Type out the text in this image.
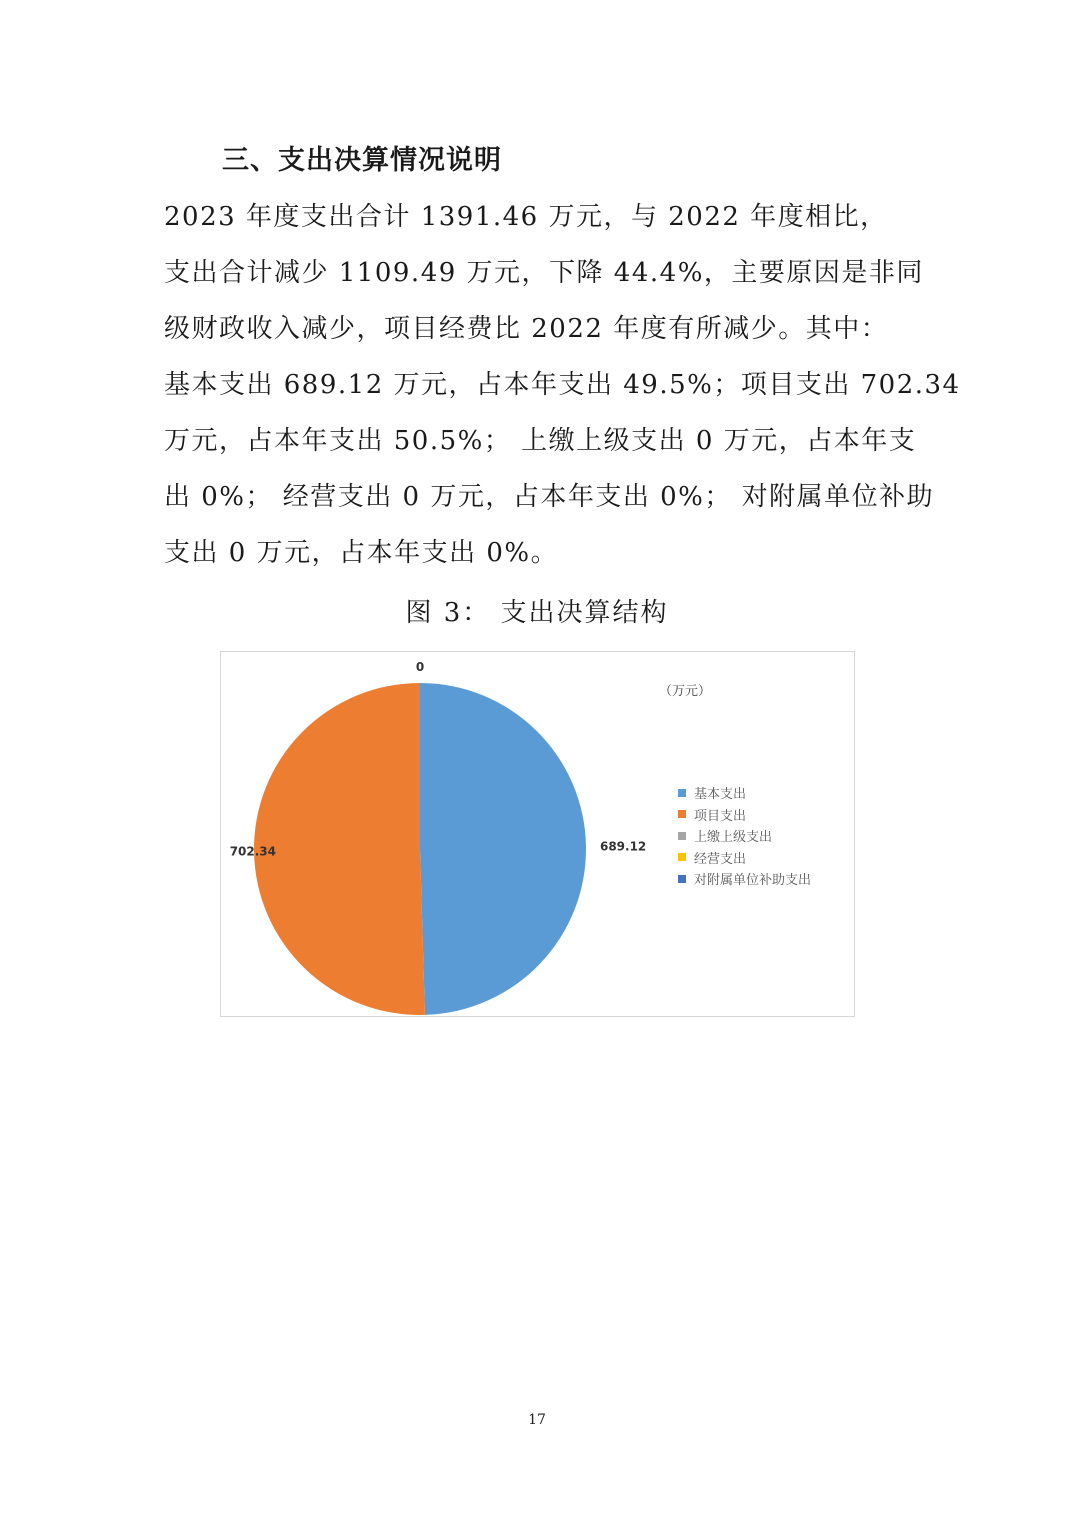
三、支出决算情况说明
2023 年度支出合计 1391.46 万元，与 2022 年度相比，
支出合计减少 1109.49 万元，下降 44.4%，主要原因是非同
级财政收入减少，项目经费比 2022 年度有所减少。其中：
基本支出 689.12 万元，占本年支出 49.5%；项目支出 702.34
万元，占本年支出 50.5%； 上缴上级支出 0 万元，占本年支
出 0%； 经营支出 0 万元，占本年支出 0%； 对附属单位补助
支出 0 万元，占本年支出 0%。
图 3： 支出决算结构
689.12
702.34
0
（万元）
基本支出
项目支出
上缴上级支出
经营支出
对附属单位补助支出
17
